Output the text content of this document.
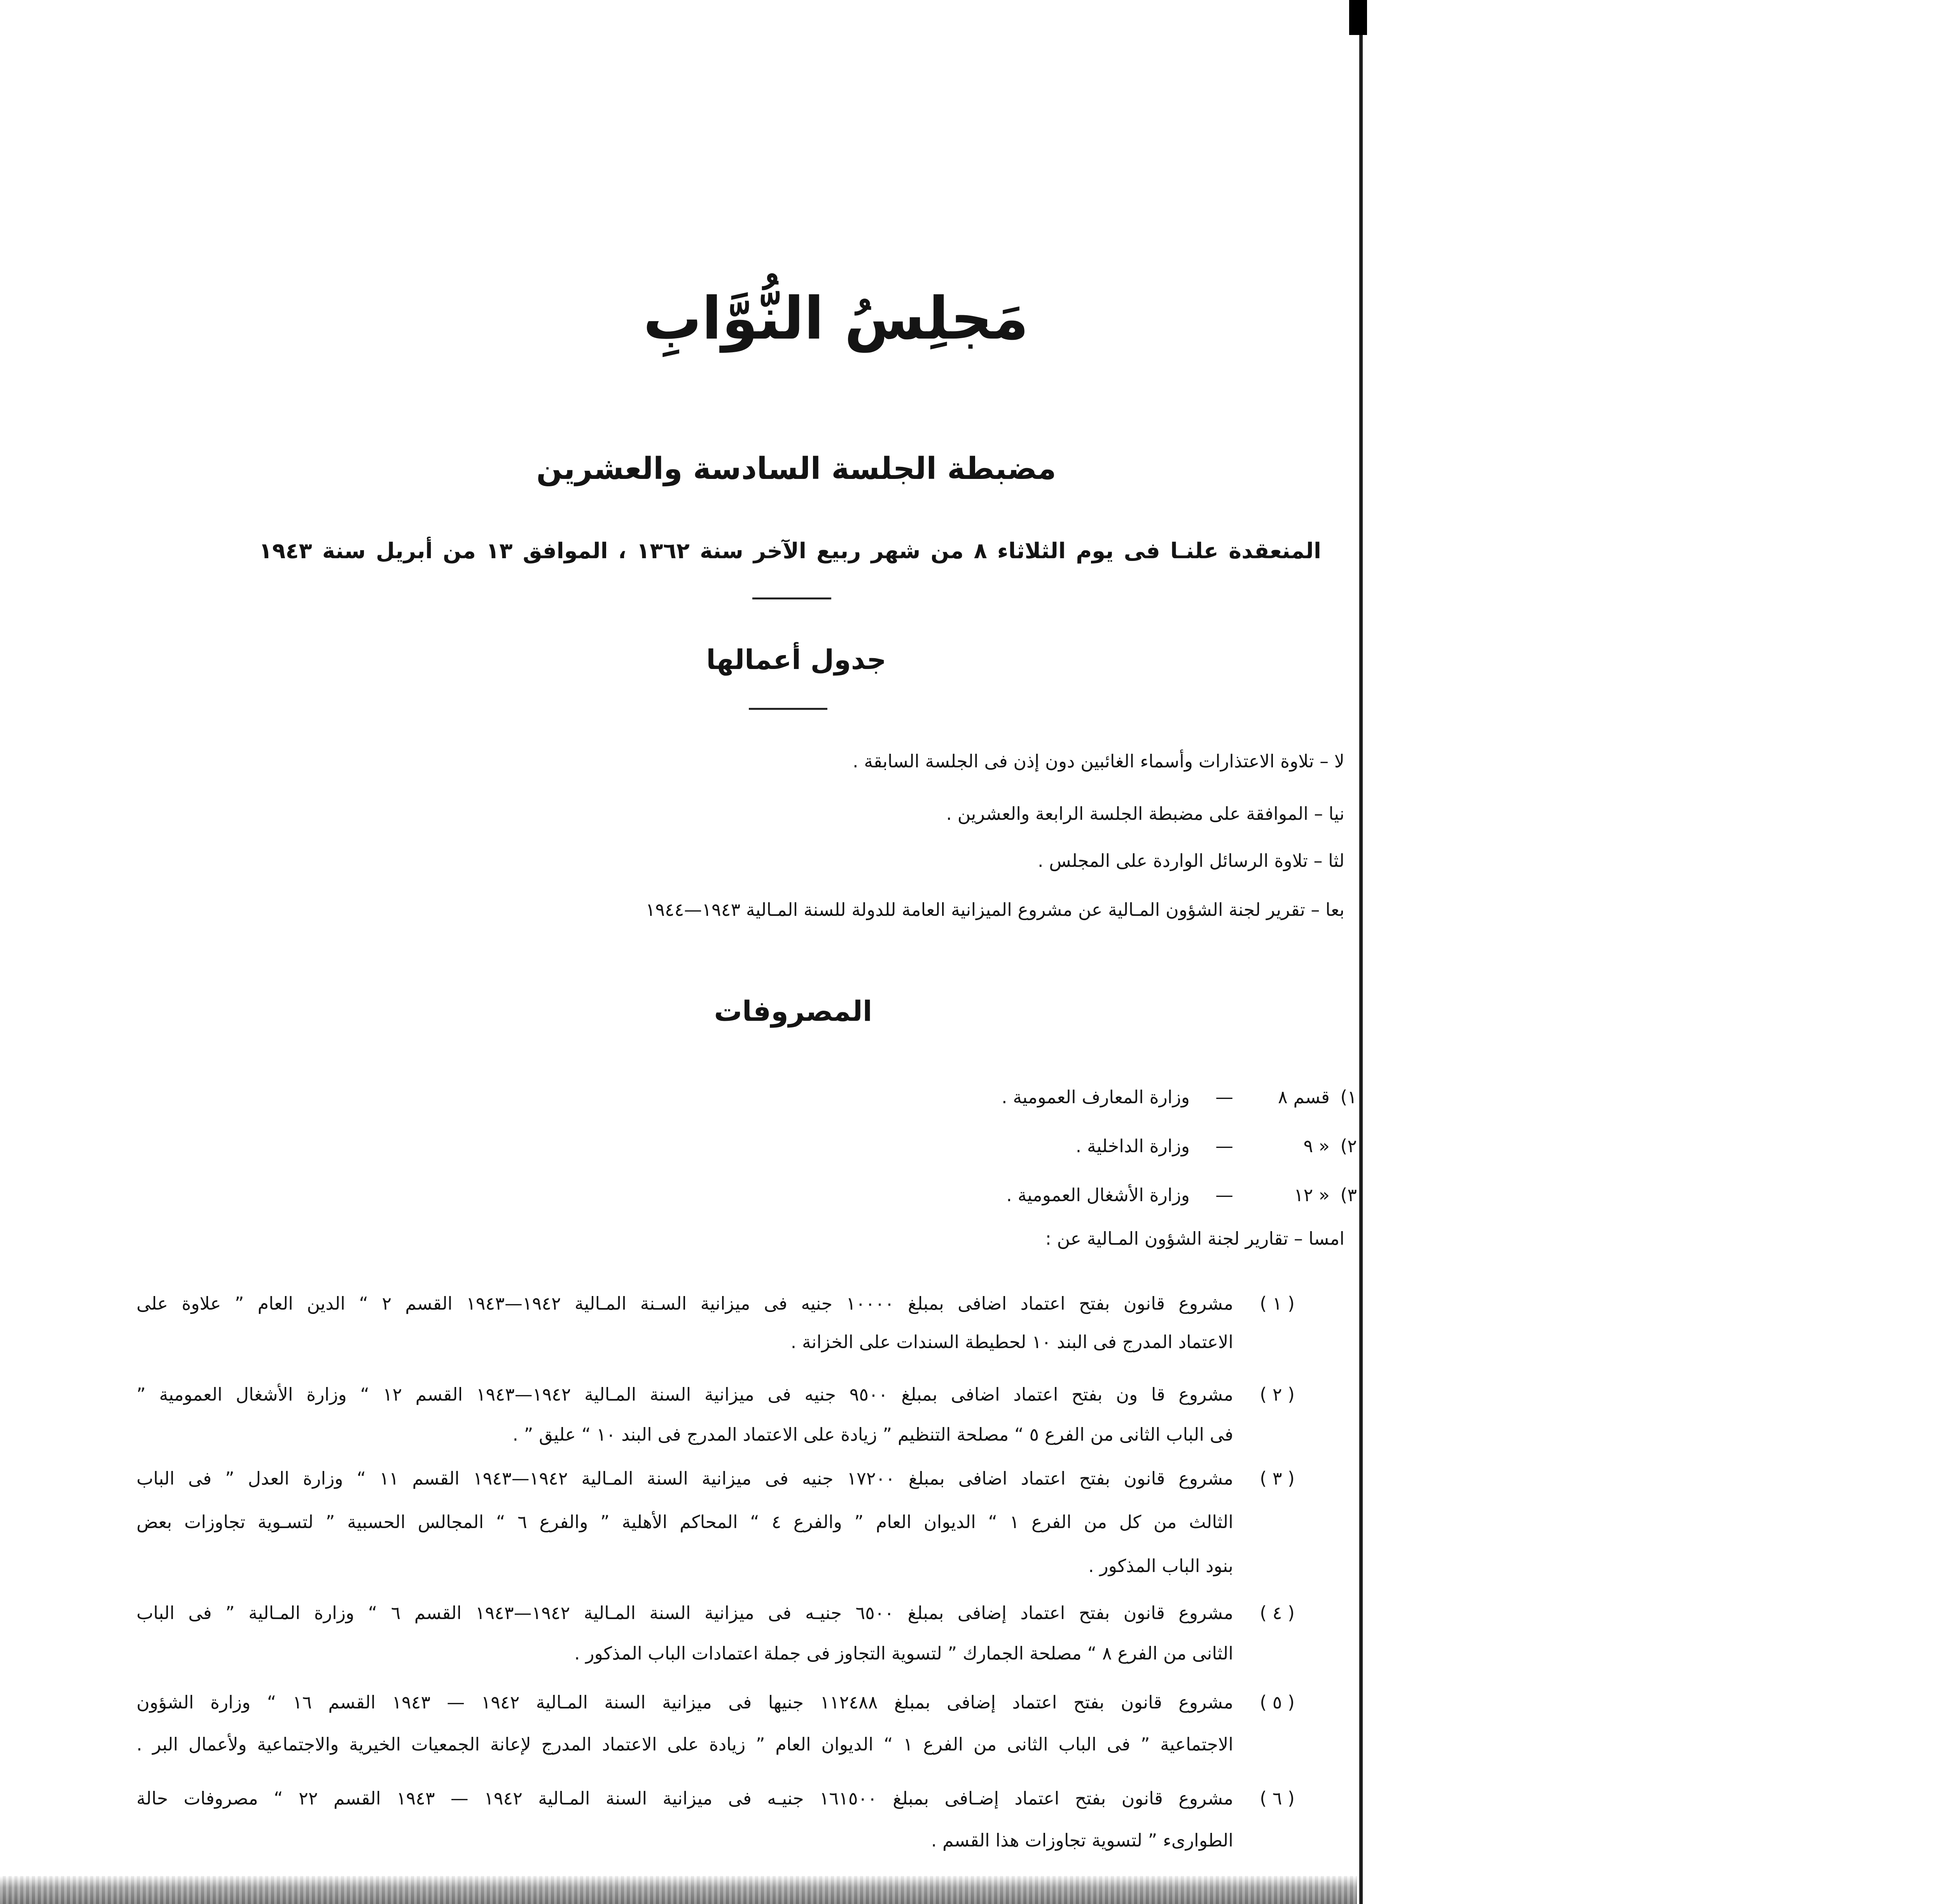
مَجلِسُ النُّوَّابِ
مضبطة الجلسة السادسة والعشرين
المنعقدة علنـا فى يوم الثلاثاء ٨ من شهر ربيع الآخر سنة ١٣٦٢ ، الموافق ١٣ من أبريل سنة ١٩٤٣
جدول أعمالها
لا – تلاوة الاعتذارات وأسماء الغائبين دون إذن فى الجلسة السابقة .
نيا – الموافقة على مضبطة الجلسة الرابعة والعشرين .
لثا – تلاوة الرسائل الواردة على المجلس .
بعا – تقرير لجنة الشؤون المـالية عن مشروع الميزانية العامة للدولة للسنة المـالية ١٩٤٣—١٩٤٤
المصروفات
١)
قسم ٨
—
وزارة المعارف العمومية .
٢)
« ٩
—
وزارة الداخلية .
٣)
« ١٢
—
وزارة الأشغال العمومية .
امسا – تقارير لجنة الشؤون المـالية عن :
( ١ )
مشروع قانون بفتح اعتماد اضافى بمبلغ ١٠٠٠٠ جنيه فى ميزانية السـنة المـالية ١٩٤٢—١٩٤٣ القسم ٢ “ الدين العام ” علاوة على
الاعتماد المدرج فى البند ١٠ لحطيطة السندات على الخزانة .
( ٢ )
مشروع قا ون بفتح اعتماد اضافى بمبلغ ٩٥٠٠ جنيه فى ميزانية السنة المـالية ١٩٤٢—١٩٤٣ القسم ١٢ “ وزارة الأشغال العمومية ”
فى الباب الثانى من الفرع ٥ “ مصلحة التنظيم ” زيادة على الاعتماد المدرج فى البند ١٠ “ عليق ” .
( ٣ )
مشروع قانون بفتح اعتماد اضافى بمبلغ ١٧٢٠٠ جنيه فى ميزانية السنة المـالية ١٩٤٢—١٩٤٣ القسم ١١ “ وزارة العدل ” فى الباب
الثالث من كل من الفرع ١ “ الديوان العام ” والفرع ٤ “ المحاكم الأهلية ” والفرع ٦ “ المجالس الحسبية ” لتسـوية تجاوزات بعض
بنود الباب المذكور .
( ٤ )
مشروع قانون بفتح اعتماد إضافى بمبلغ ٦٥٠٠ جنيـه فى ميزانية السنة المـالية ١٩٤٢—١٩٤٣ القسم ٦ “ وزارة المـالية ” فى الباب
الثانى من الفرع ٨ “ مصلحة الجمارك ” لتسوية التجاوز فى جملة اعتمادات الباب المذكور .
( ٥ )
مشروع قانون بفتح اعتماد إضافى بمبلغ ١١٢٤٨٨ جنيها فى ميزانية السنة المـالية ١٩٤٢ — ١٩٤٣ القسم ١٦ “ وزارة الشؤون
الاجتماعية ” فى الباب الثانى من الفرع ١ “ الديوان العام ” زيادة على الاعتماد المدرج لإعانة الجمعيات الخيرية والاجتماعية ولأعمال البر .
( ٦ )
مشروع قانون بفتح اعتماد إضـافى بمبلغ ١٦١٥٠٠ جنيـه فى ميزانية السنة المـالية ١٩٤٢ — ١٩٤٣ القسم ٢٢ “ مصروفات حالة
الطوارىء ” لتسوية تجاوزات هذا القسم .
